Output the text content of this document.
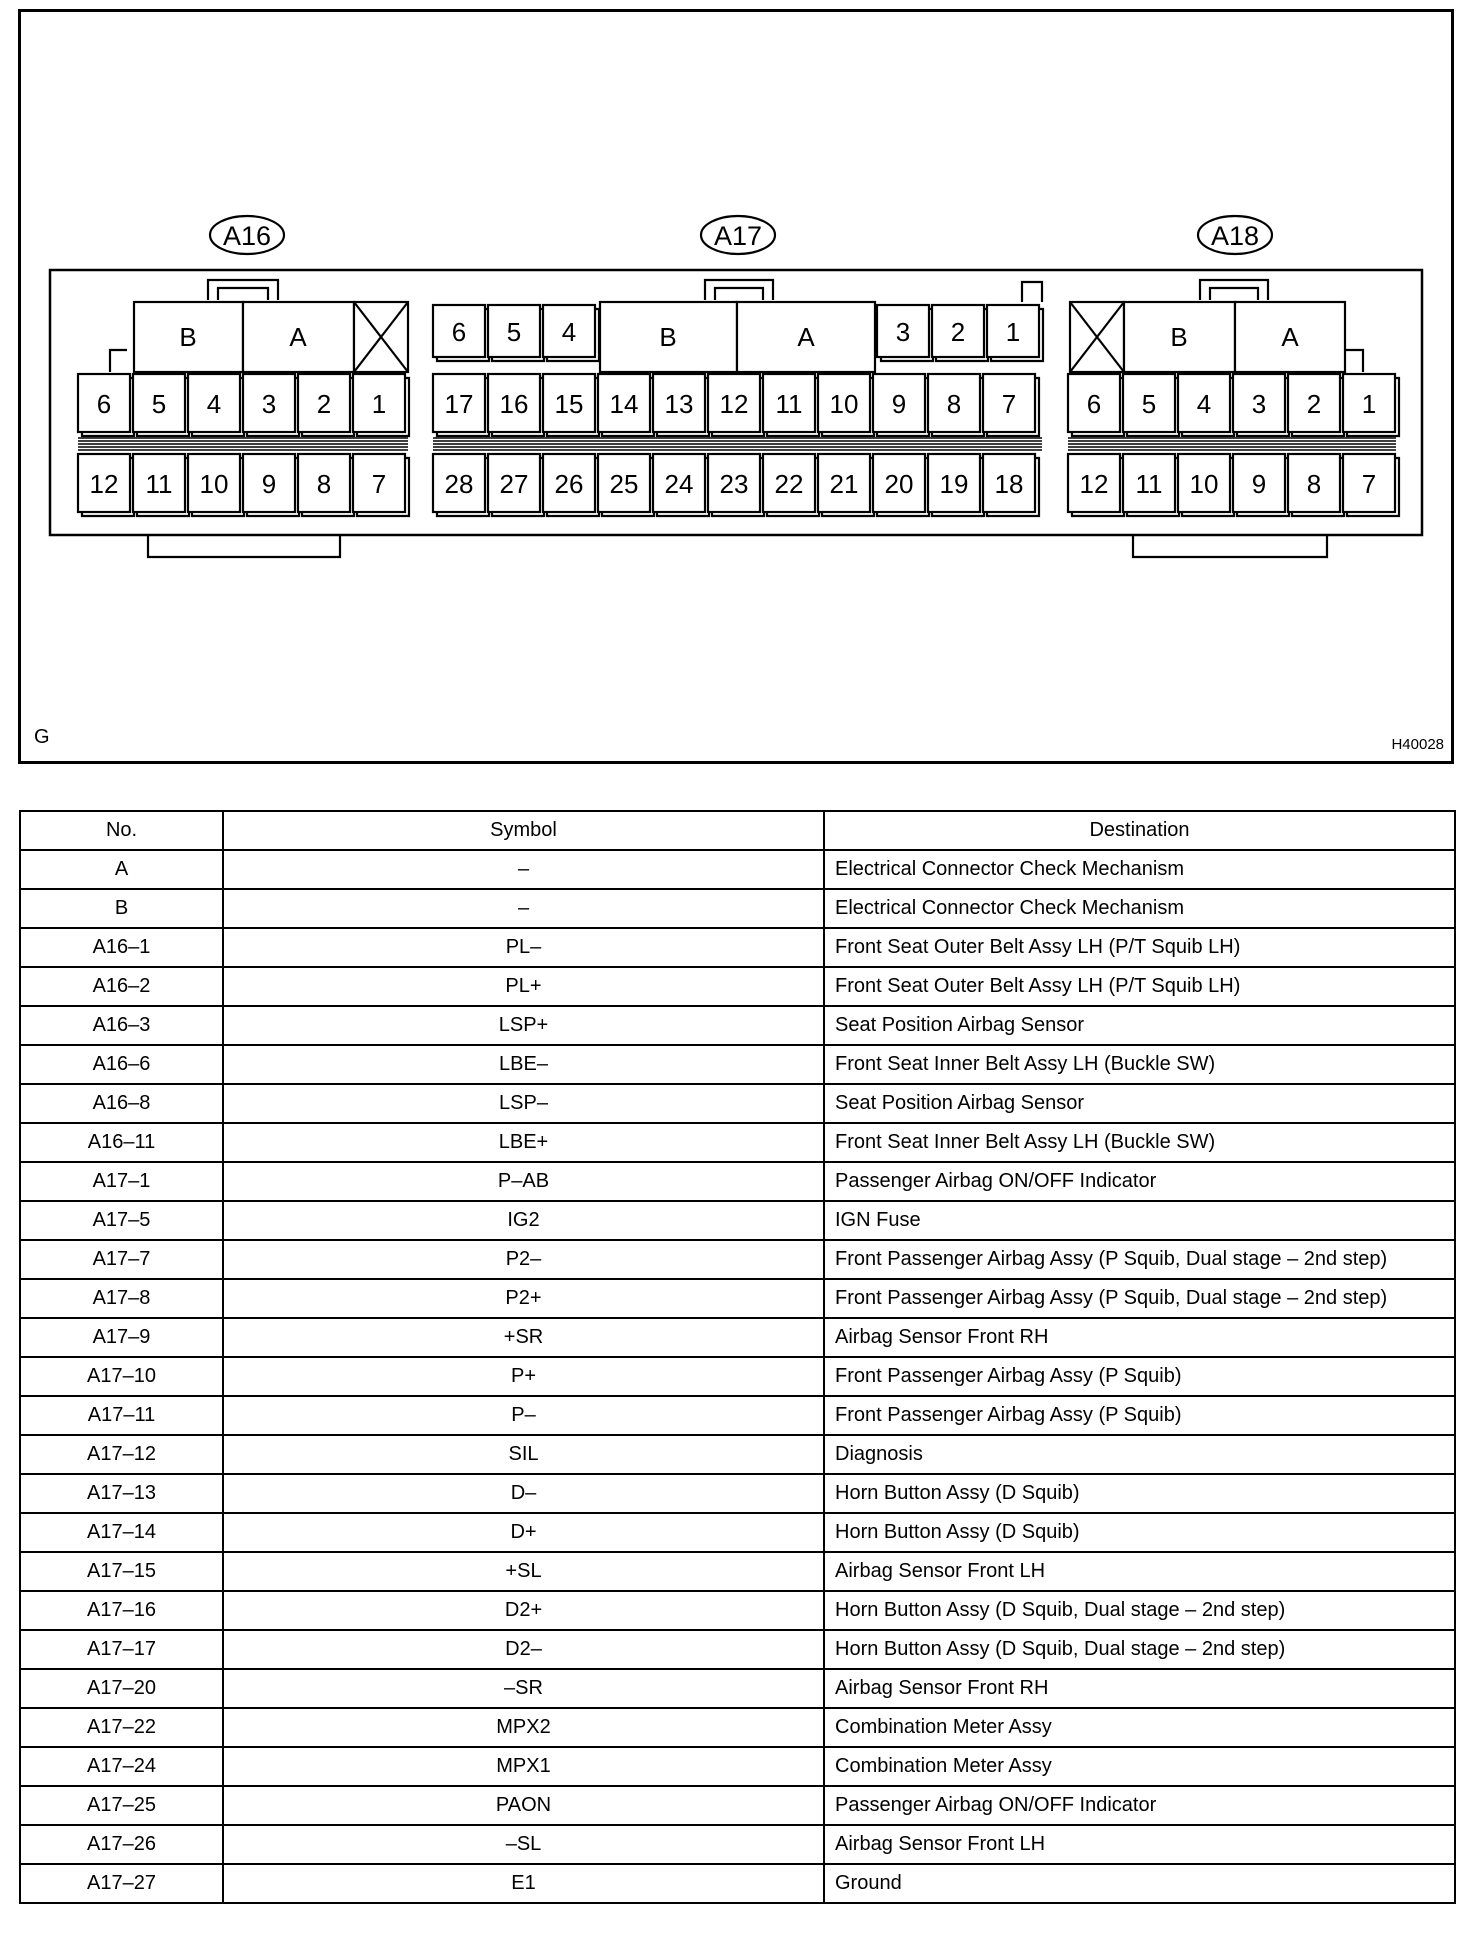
A16
B	A
6 5 4 3 2 1
12 11 10 9 8 7
A17
6 5 4	B	A	3 2 1
17 16 15 14 13 12 11 10 9 8 7
28 27 26 25 24 23 22 21 20 19 18
A18
B	A
6 5 4 3 2 1
12 11 10 9 8 7
G	H40028
No.	Symbol	Destination
A	–	Electrical Connector Check Mechanism
B	–	Electrical Connector Check Mechanism
A16–1	PL–	Front Seat Outer Belt Assy LH (P/T Squib LH)
A16–2	PL+	Front Seat Outer Belt Assy LH (P/T Squib LH)
A16–3	LSP+	Seat Position Airbag Sensor
A16–6	LBE–	Front Seat Inner Belt Assy LH (Buckle SW)
A16–8	LSP–	Seat Position Airbag Sensor
A16–11	LBE+	Front Seat Inner Belt Assy LH (Buckle SW)
A17–1	P–AB	Passenger Airbag ON/OFF Indicator
A17–5	IG2	IGN Fuse
A17–7	P2–	Front Passenger Airbag Assy (P Squib, Dual stage – 2nd step)
A17–8	P2+	Front Passenger Airbag Assy (P Squib, Dual stage – 2nd step)
A17–9	+SR	Airbag Sensor Front RH
A17–10	P+	Front Passenger Airbag Assy (P Squib)
A17–11	P–	Front Passenger Airbag Assy (P Squib)
A17–12	SIL	Diagnosis
A17–13	D–	Horn Button Assy (D Squib)
A17–14	D+	Horn Button Assy (D Squib)
A17–15	+SL	Airbag Sensor Front LH
A17–16	D2+	Horn Button Assy (D Squib, Dual stage – 2nd step)
A17–17	D2–	Horn Button Assy (D Squib, Dual stage – 2nd step)
A17–20	–SR	Airbag Sensor Front RH
A17–22	MPX2	Combination Meter Assy
A17–24	MPX1	Combination Meter Assy
A17–25	PAON	Passenger Airbag ON/OFF Indicator
A17–26	–SL	Airbag Sensor Front LH
A17–27	E1	Ground
